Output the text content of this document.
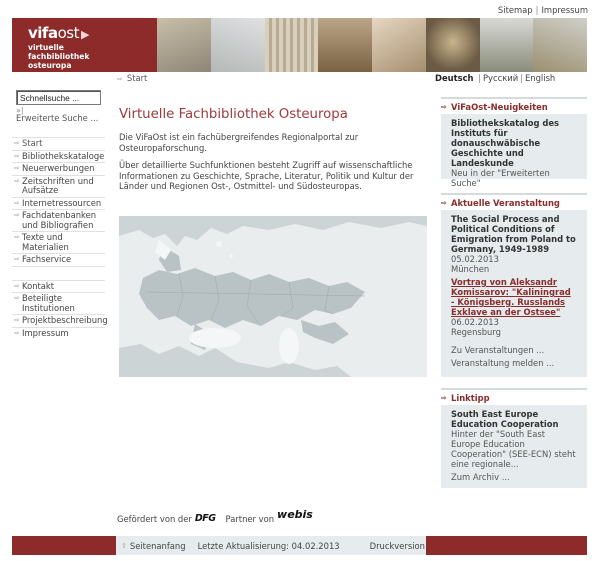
Sitemap | Impressum
vifaost ▶
virtuelle
fachbibliothek
osteuropa
⇨ Start	Deutsch | Русский | English
Schnellsuche ...
»|
Erweiterte Suche ...
⇨ Start
⇨ Bibliothekskataloge
⇨ Neuerwerbungen
⇨ Zeitschriften und Aufsätze
⇨ Internetressourcen
⇨ Fachdatenbanken und Bibliografien
⇨ Texte und Materialien
⇨ Fachservice
⇨ Kontakt
⇨ Beteiligte Institutionen
⇨ Projektbeschreibung
⇨ Impressum
Virtuelle Fachbibliothek Osteuropa

Die ViFaOst ist ein fachübergreifendes Regionalportal zur Osteuropaforschung.

Über detaillierte Suchfunktionen besteht Zugriff auf wissenschaftliche Informationen zu Geschichte, Sprache, Literatur, Politik und Kultur der Länder und Regionen Ost-, Ostmittel- und Südosteuropas.

⇨ ViFaOst-Neuigkeiten
Bibliothekskatalog des Instituts für donauschwäbische Geschichte und Landeskunde
Neu in der "Erweiterten Suche"
⇨ Aktuelle Veranstaltung
The Social Process and Political Conditions of Emigration from Poland to Germany, 1949-1989
05.02.2013
München
Vortrag von Aleksandr Komissarov: "Kaliningrad - Königsberg. Russlands Exklave an der Ostsee"
06.02.2013
Regensburg
Zu Veranstaltungen ...
Veranstaltung melden ...
⇨ Linktipp
South East Europe Education Cooperation
Hinter der "South East Europe Education Cooperation" (SEE-ECN) steht eine regionale...
Zum Archiv ...
Gefördert von der DFG Partner von webis
⇧ Seitenanfang Letzte Aktualisierung: 04.02.2013	Druckversion
